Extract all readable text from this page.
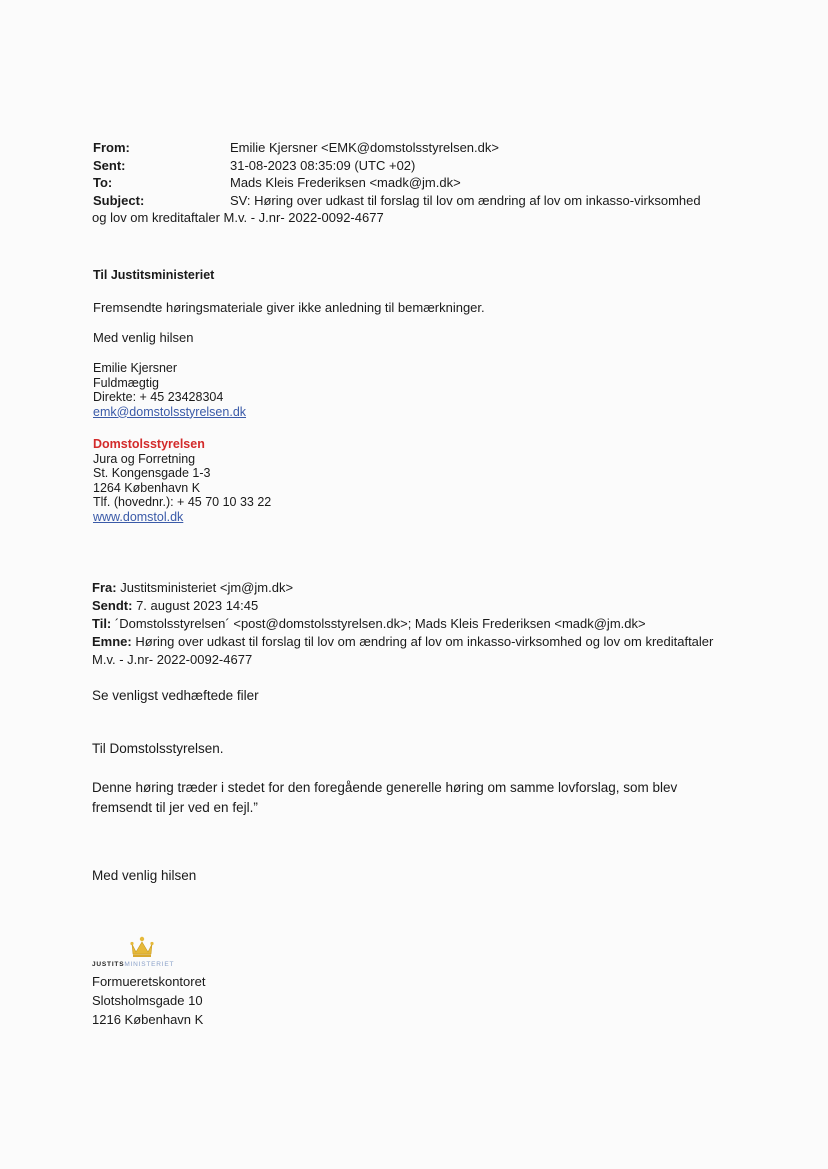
From:	Emilie Kjersner <EMK@domstolsstyrelsen.dk>
Sent:	31-08-2023 08:35:09 (UTC +02)
To:	Mads Kleis Frederiksen <madk@jm.dk>
Subject:	SV: Høring over udkast til forslag til lov om ændring af lov om inkasso-virksomhed
og lov om kreditaftaler M.v. - J.nr- 2022-0092-4677
Til Justitsministeriet
Fremsendte høringsmateriale giver ikke anledning til bemærkninger.
Med venlig hilsen
Emilie Kjersner
Fuldmægtig
Direkte: + 45 23428304
emk@domstolsstyrelsen.dk
Domstolsstyrelsen
Jura og Forretning
St. Kongensgade 1-3
1264 København K
Tlf. (hovednr.): + 45 70 10 33 22
www.domstol.dk
Fra: Justitsministeriet <jm@jm.dk>
Sendt: 7. august 2023 14:45
Til: ´Domstolsstyrelsen´ <post@domstolsstyrelsen.dk>; Mads Kleis Frederiksen <madk@jm.dk>
Emne: Høring over udkast til forslag til lov om ændring af lov om inkasso-virksomhed og lov om kreditaftaler M.v. - J.nr- 2022-0092-4677
Se venligst vedhæftede filer
Til Domstolsstyrelsen.
Denne høring træder i stedet for den foregående generelle høring om samme lovforslag, som blev fremsendt til jer ved en fejl.”
Med venlig hilsen
JUSTITSMINISTERIET
Formueretskontoret
Slotsholmsgade 10
1216 København K
